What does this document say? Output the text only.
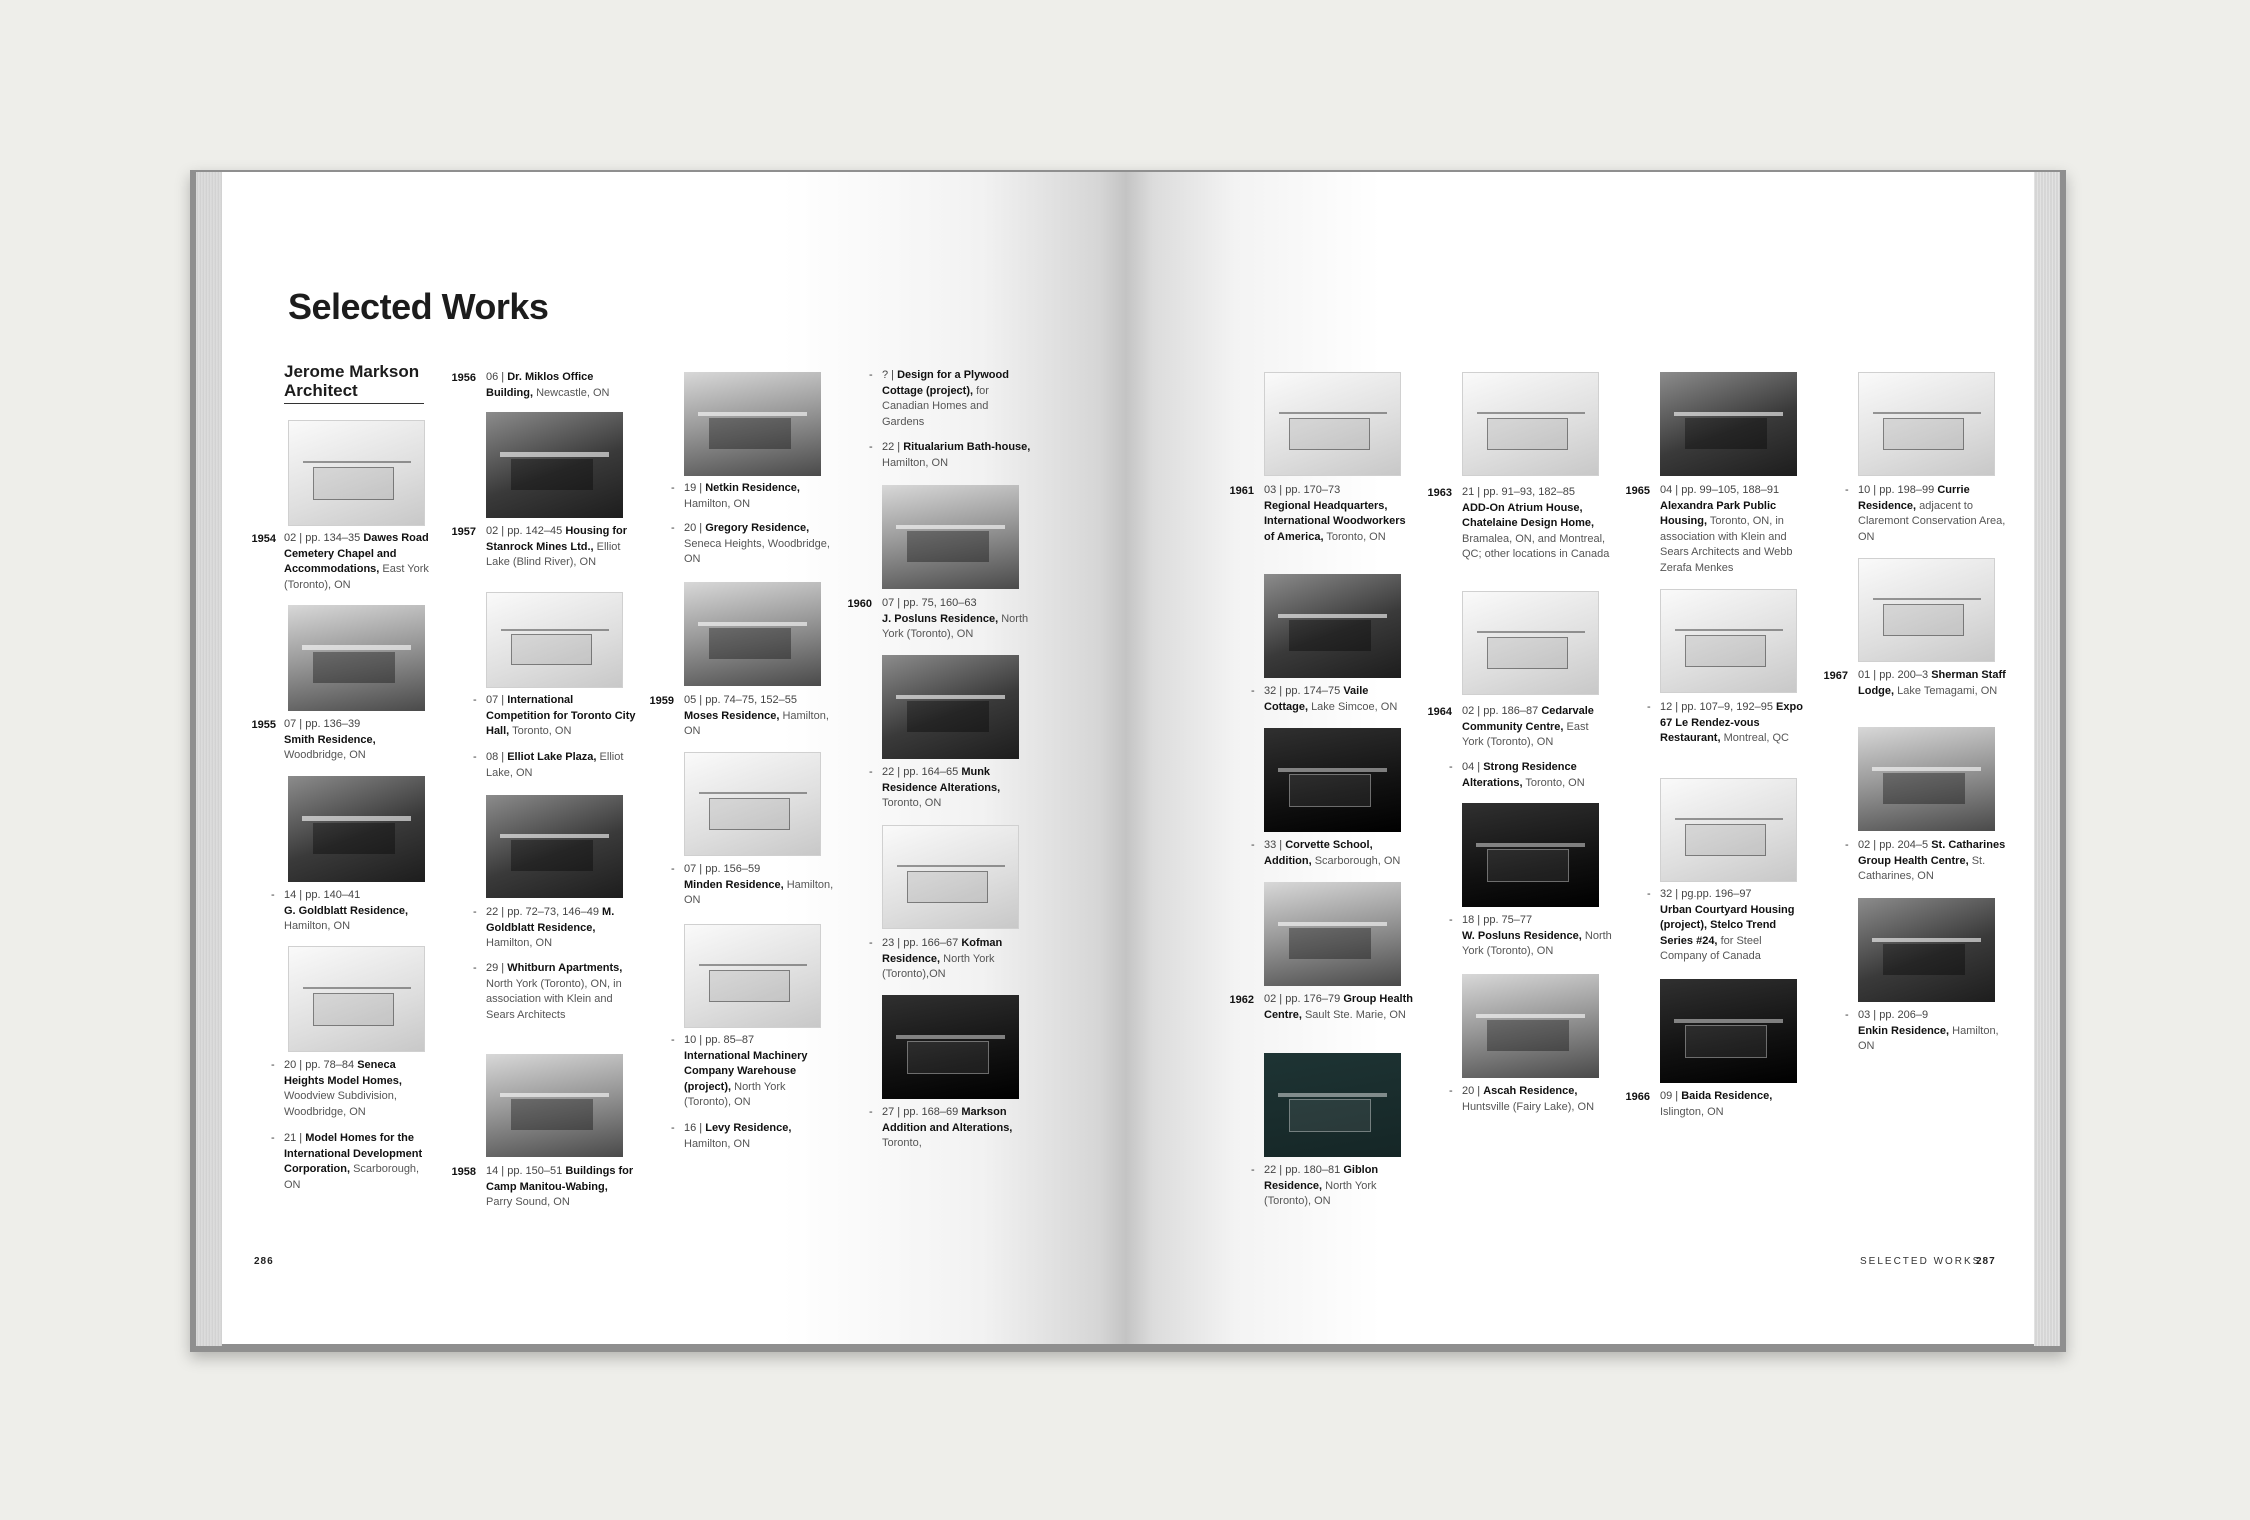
Selected Works
Jerome Markson Architect
1954 02 | pp. 134–35 Dawes Road Cemetery Chapel and Accommodations, East York (Toronto), ON
1955 07 | pp. 136–39
Smith Residence, Woodbridge, ON
- 14 | pp. 140–41
G. Goldblatt Residence, Hamilton, ON
- 20 | pp. 78–84 Seneca Heights Model Homes, Woodview Subdivision, Woodbridge, ON
- 21 | Model Homes for the International Development Corporation, Scarborough, ON
1956 06 | Dr. Miklos Office Building, Newcastle, ON
1957 02 | pp. 142–45 Housing for Stanrock Mines Ltd., Elliot Lake (Blind River), ON
- 07 | International Competition for Toronto City Hall, Toronto, ON
- 08 | Elliot Lake Plaza, Elliot Lake, ON
- 22 | pp. 72–73, 146–49 M. Goldblatt Residence, Hamilton, ON
- 29 | Whitburn Apartments, North York (Toronto), ON, in association with Klein and Sears Architects
1958 14 | pp. 150–51 Buildings for Camp Manitou-Wabing, Parry Sound, ON
- 19 | Netkin Residence, Hamilton, ON
- 20 | Gregory Residence, Seneca Heights, Woodbridge, ON
1959 05 | pp. 74–75, 152–55
Moses Residence, Hamilton, ON
- 07 | pp. 156–59
Minden Residence, Hamilton, ON
- 10 | pp. 85–87
International Machinery Company Warehouse (project), North York (Toronto), ON
- 16 | Levy Residence, Hamilton, ON
- ? | Design for a Plywood Cottage (project), for Canadian Homes and Gardens
- 22 | Ritualarium Bath-house, Hamilton, ON
1960 07 | pp. 75, 160–63
J. Posluns Residence, North York (Toronto), ON
- 22 | pp. 164–65 Munk Residence Alterations, Toronto, ON
- 23 | pp. 166–67 Kofman Residence, North York (Toronto),ON
- 27 | pp. 168–69 Markson Addition and Alterations, Toronto,
286
1961 03 | pp. 170–73
Regional Headquarters, International Woodworkers of America, Toronto, ON
- 32 | pp. 174–75 Vaile Cottage, Lake Simcoe, ON
- 33 | Corvette School, Addition, Scarborough, ON
1962 02 | pp. 176–79 Group Health Centre, Sault Ste. Marie, ON
- 22 | pp. 180–81 Giblon Residence, North York (Toronto), ON
1963 21 | pp. 91–93, 182–85
ADD-On Atrium House, Chatelaine Design Home, Bramalea, ON, and Montreal, QC; other locations in Canada
1964 02 | pp. 186–87 Cedarvale Community Centre, East York (Toronto), ON
- 04 | Strong Residence Alterations, Toronto, ON
- 18 | pp. 75–77
W. Posluns Residence, North York (Toronto), ON
- 20 | Ascah Residence, Huntsville (Fairy Lake), ON
1965 04 | pp. 99–105, 188–91
Alexandra Park Public Housing, Toronto, ON, in association with Klein and Sears Architects and Webb Zerafa Menkes
- 12 | pp. 107–9, 192–95 Expo 67 Le Rendez-vous Restaurant, Montreal, QC
- 32 | pg.pp. 196–97
Urban Courtyard Housing (project), Stelco Trend Series #24, for Steel Company of Canada
1966 09 | Baida Residence, Islington, ON
- 10 | pp. 198–99 Currie Residence, adjacent to Claremont Conservation Area, ON
1967 01 | pp. 200–3 Sherman Staff Lodge, Lake Temagami, ON
- 02 | pp. 204–5 St. Catharines Group Health Centre, St. Catharines, ON
- 03 | pp. 206–9
Enkin Residence, Hamilton, ON
SELECTED WORKS
287
